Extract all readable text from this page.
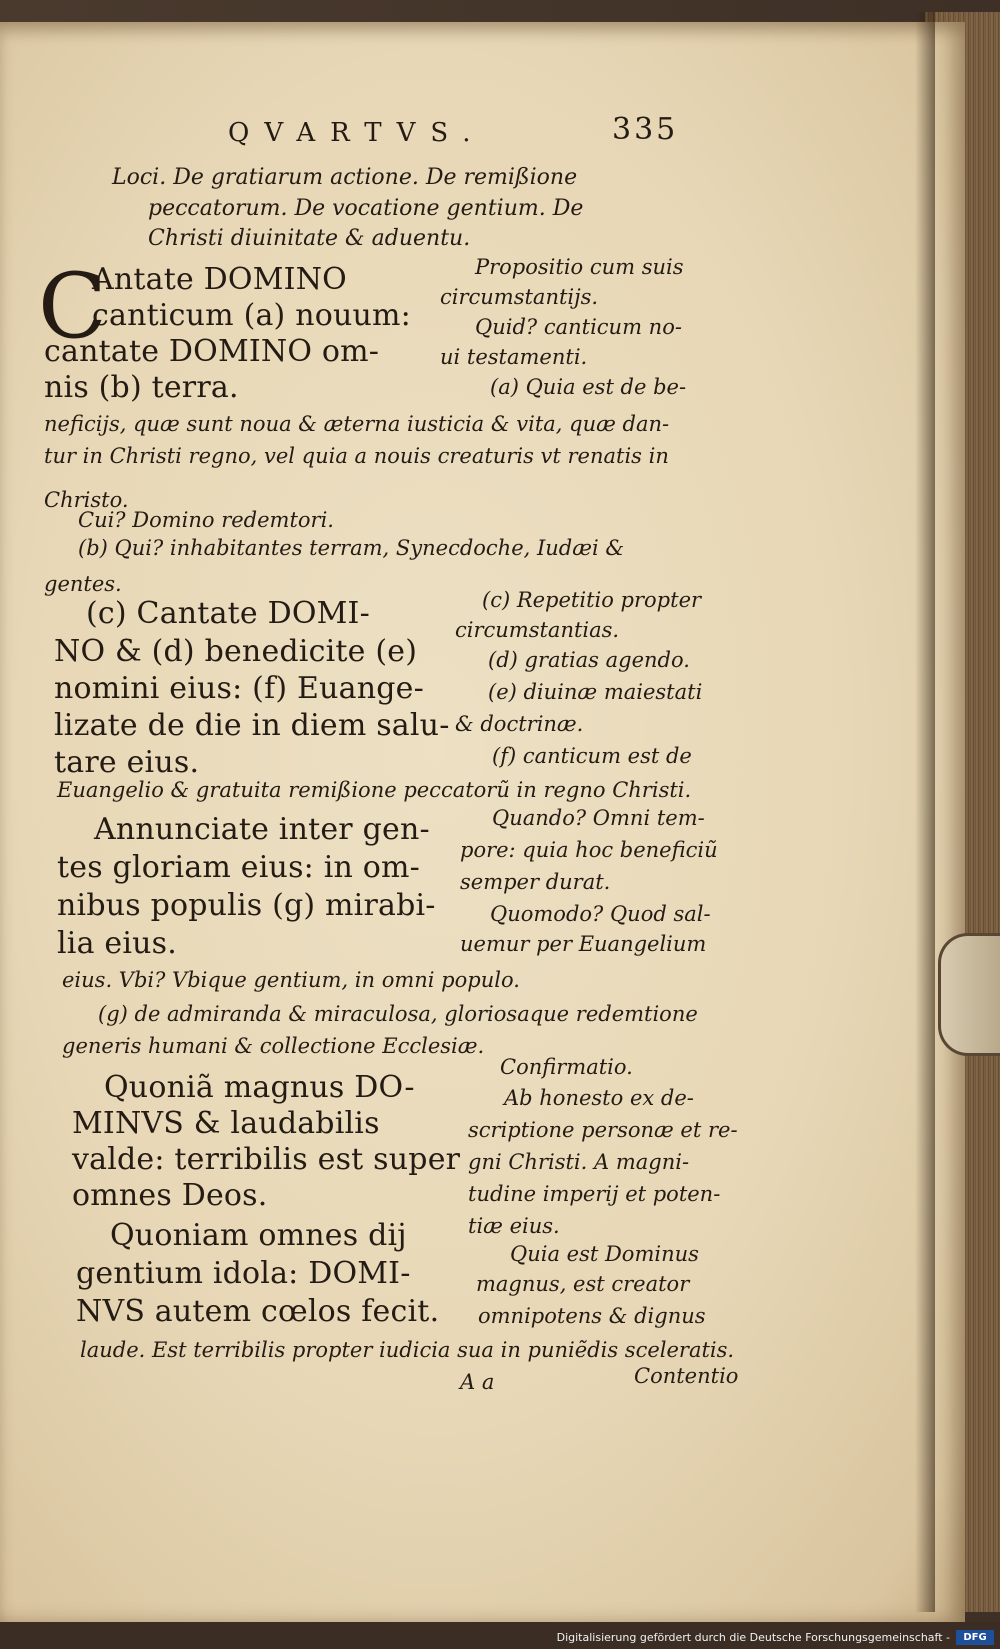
QVARTVS.	335
Loci. De gratiarum actione. De remißione
peccatorum. De vocatione gentium. De
Christi diuinitate & aduentu.
C
Antate DOMINO
canticum (a) nouum:
cantate DOMINO om-
nis (b) terra.
Propositio cum suis
circumstantijs.
Quid? canticum no-
ui testamenti.
(a) Quia est de be-
neficijs, quæ sunt noua & æterna iusticia & vita, quæ dan-
tur in Christi regno, vel quia a nouis creaturis vt renatis in
Christo.
Cui? Domino redemtori.
(b) Qui? inhabitantes terram, Synecdoche, Iudæi &
gentes.
(c) Cantate DOMI-
NO & (d) benedicite (e)
nomini eius: (f) Euange-
lizate de die in diem salu-
tare eius.
(c) Repetitio propter
circumstantias.
(d) gratias agendo.
(e) diuinæ maiestati
& doctrinæ.
(f) canticum est de
Euangelio & gratuita remißione peccatorũ in regno Christi.
Annunciate inter gen-
tes gloriam eius: in om-
nibus populis (g) mirabi-
lia eius.
Quando? Omni tem-
pore: quia hoc beneficiũ
semper durat.
Quomodo? Quod sal-
uemur per Euangelium
eius. Vbi? Vbique gentium, in omni populo.
(g) de admiranda & miraculosa, gloriosaque redemtione
generis humani & collectione Ecclesiæ.
Quoniã magnus DO-
MINVS & laudabilis
valde: terribilis est super
omnes Deos.
Confirmatio.
Ab honesto ex de-
scriptione personæ et re-
gni Christi. A magni-
tudine imperij et poten-
tiæ eius.
Quoniam omnes dij
gentium idola: DOMI-
NVS autem cœlos fecit.
Quia est Dominus
magnus, est creator
omnipotens & dignus
laude. Est terribilis propter iudicia sua in puniẽdis sceleratis.
A a	Contentio
Digitalisierung gefördert durch die Deutsche Forschungsgemeinschaft -	DFG
